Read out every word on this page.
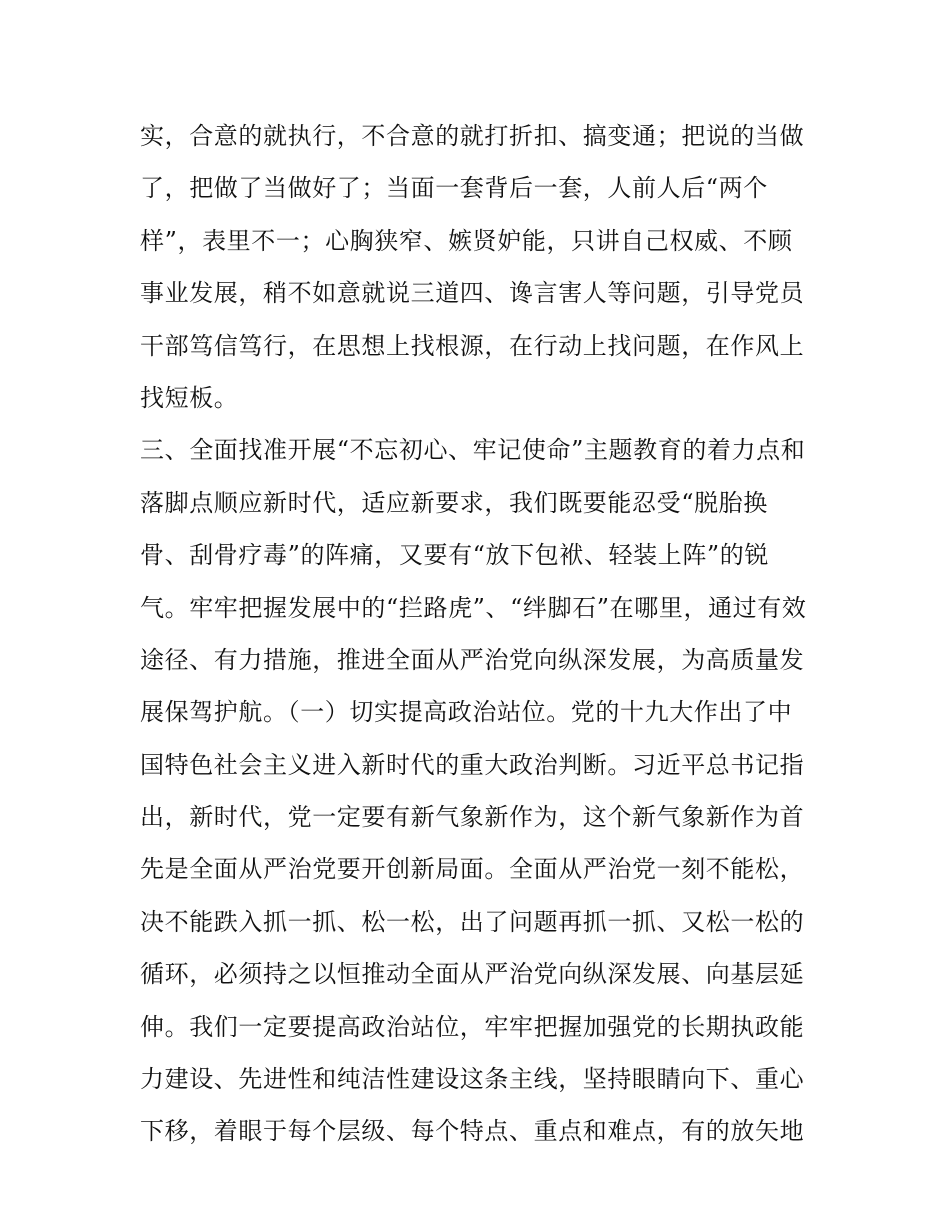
实，合意的就执行，不合意的就打折扣、搞变通；把说的当做
了，把做了当做好了；当面一套背后一套，人前人后“两个
样”，表里不一；心胸狭窄、嫉贤妒能，只讲自己权威、不顾
事业发展，稍不如意就说三道四、谗言害人等问题，引导党员
干部笃信笃行，在思想上找根源，在行动上找问题，在作风上
找短板。
三、全面找准开展“不忘初心、牢记使命”主题教育的着力点和
落脚点顺应新时代，适应新要求，我们既要能忍受“脱胎换
骨、刮骨疗毒”的阵痛，又要有“放下包袱、轻装上阵”的锐
气。牢牢把握发展中的“拦路虎”、“绊脚石”在哪里，通过有效
途径、有力措施，推进全面从严治党向纵深发展，为高质量发
展保驾护航。（一）切实提高政治站位。党的十九大作出了中
国特色社会主义进入新时代的重大政治判断。习近平总书记指
出，新时代，党一定要有新气象新作为，这个新气象新作为首
先是全面从严治党要开创新局面。全面从严治党一刻不能松，
决不能跌入抓一抓、松一松，出了问题再抓一抓、又松一松的
循环，必须持之以恒推动全面从严治党向纵深发展、向基层延
伸。我们一定要提高政治站位，牢牢把握加强党的长期执政能
力建设、先进性和纯洁性建设这条主线，坚持眼睛向下、重心
下移，着眼于每个层级、每个特点、重点和难点，有的放矢地
